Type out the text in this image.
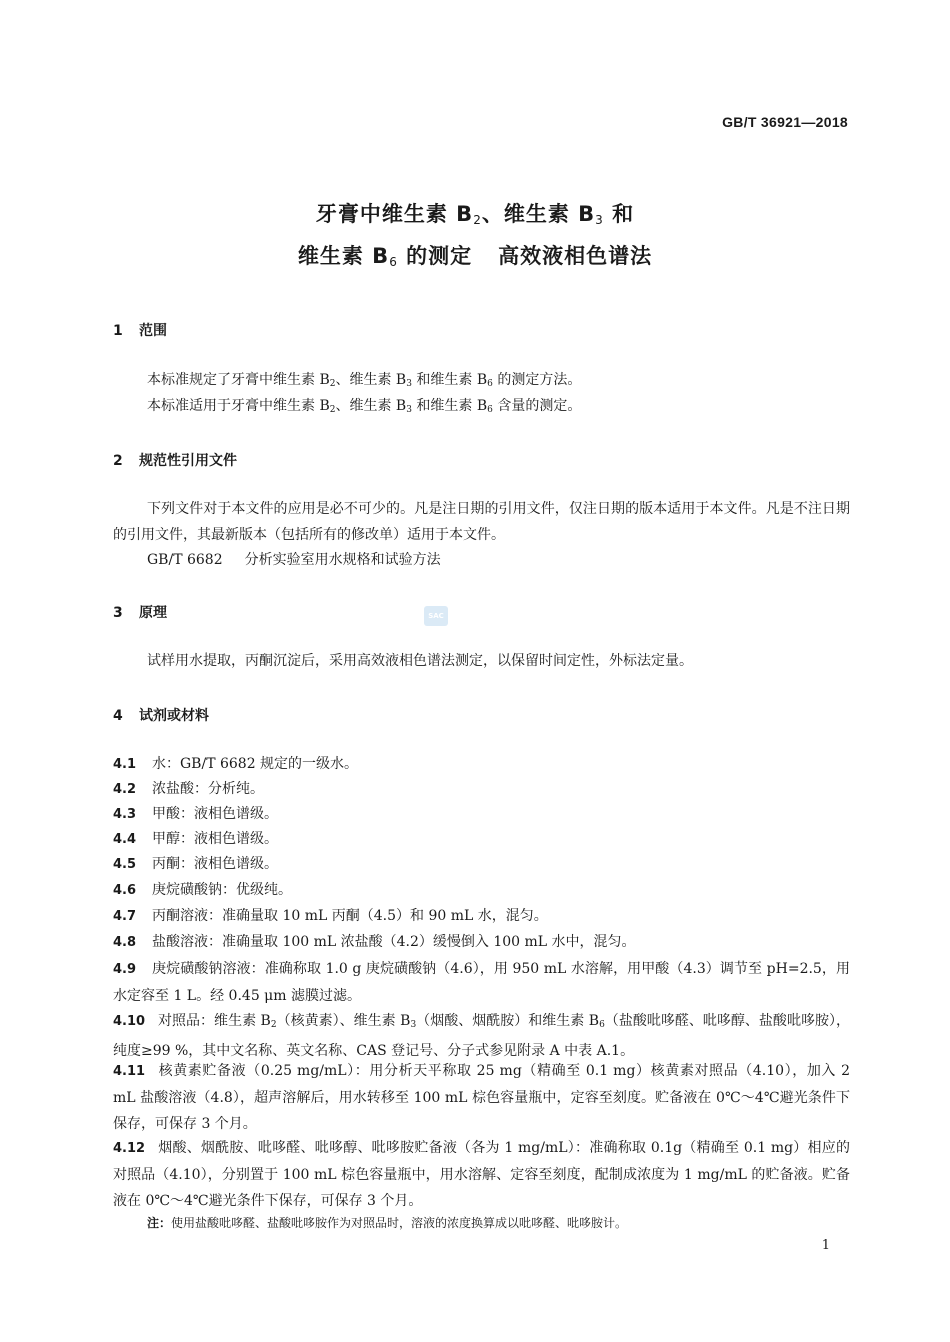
GB/T 36921—2018
牙膏中维生素 $B_2$、维生素 $B_3$ 和
维生素 $B_6$ 的测定 高效液相色谱法
1 范围
本标准规定了牙膏中维生素 $B_2$、维生素 $B_3$ 和维生素 $B_6$ 的测定方法。
本标准适用于牙膏中维生素 $B_2$、维生素 $B_3$ 和维生素 $B_6$ 含量的测定。
2 规范性引用文件
下列文件对于本文件的应用是必不可少的。凡是注日期的引用文件，仅注日期的版本适用于本文件。凡是不注日期的引用文件，其最新版本（包括所有的修改单）适用于本文件。
GB/T 6682 分析实验室用水规格和试验方法
3 原理	SAC
试样用水提取，丙酮沉淀后，采用高效液相色谱法测定，以保留时间定性，外标法定量。
4 试剂或材料
4.1 水：GB/T 6682 规定的一级水。
4.2 浓盐酸：分析纯。
4.3 甲酸：液相色谱级。
4.4 甲醇：液相色谱级。
4.5 丙酮：液相色谱级。
4.6 庚烷磺酸钠：优级纯。
4.7 丙酮溶液：准确量取 10 mL 丙酮（4.5）和 90 mL 水，混匀。
4.8 盐酸溶液：准确量取 100 mL 浓盐酸（4.2）缓慢倒入 100 mL 水中，混匀。
4.9 庚烷磺酸钠溶液：准确称取 1.0 g 庚烷磺酸钠（4.6），用 950 mL 水溶解，用甲酸（4.3）调节至 pH=2.5，用水定容至 1 L。经 0.45 μm 滤膜过滤。
4.10 对照品：维生素 $B_2$（核黄素）、维生素 $B_3$（烟酸、烟酰胺）和维生素 $B_6$（盐酸吡哆醛、吡哆醇、盐酸吡哆胺），纯度≥99 %，其中文名称、英文名称、CAS 登记号、分子式参见附录 A 中表 A.1。
4.11 核黄素贮备液（0.25 mg/mL）：用分析天平称取 25 mg（精确至 0.1 mg）核黄素对照品（4.10），加入 2 mL 盐酸溶液（4.8），超声溶解后，用水转移至 100 mL 棕色容量瓶中，定容至刻度。贮备液在 0℃～4℃避光条件下保存，可保存 3 个月。
4.12 烟酸、烟酰胺、吡哆醛、吡哆醇、吡哆胺贮备液（各为 1 mg/mL）：准确称取 0.1g（精确至 0.1 mg）相应的对照品（4.10），分别置于 100 mL 棕色容量瓶中，用水溶解、定容至刻度，配制成浓度为 1 mg/mL 的贮备液。贮备液在 0℃～4℃避光条件下保存，可保存 3 个月。
注：使用盐酸吡哆醛、盐酸吡哆胺作为对照品时，溶液的浓度换算成以吡哆醛、吡哆胺计。
1
